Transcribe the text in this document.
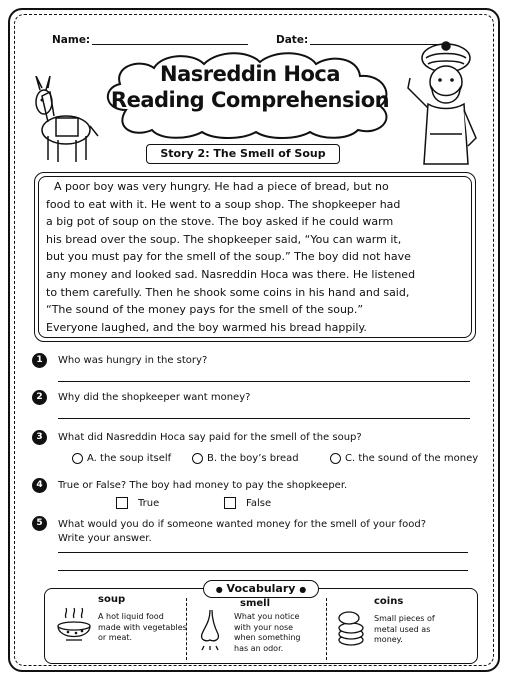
Name:	Date:
Nasreddin Hoca
Reading Comprehension
Story 2: The Smell of Soup
A poor boy was very hungry. He had a piece of bread, but no
food to eat with it. He went to a soup shop. The shopkeeper had
a big pot of soup on the stove. The boy asked if he could warm
his bread over the soup. The shopkeeper said, “You can warm it,
but you must pay for the smell of the soup.” The boy did not have
any money and looked sad. Nasreddin Hoca was there. He listened
to them carefully. Then he shook some coins in his hand and said,
“The sound of the money pays for the smell of the soup.”
Everyone laughed, and the boy warmed his bread happily.
1	Who was hungry in the story?
2	Why did the shopkeeper want money?
3	What did Nasreddin Hoca say paid for the smell of the soup?
A. the soup itself	B. the boy’s bread	C. the sound of the money
4	True or False? The boy had money to pay the shopkeeper.
True	False
5	What would you do if someone wanted money for the smell of your food?
Write your answer.
● Vocabulary ●
soup
A hot liquid food
made with vegetables
or meat.
smell
What you notice
with your nose
when something
has an odor.
coins
Small pieces of
metal used as
money.
